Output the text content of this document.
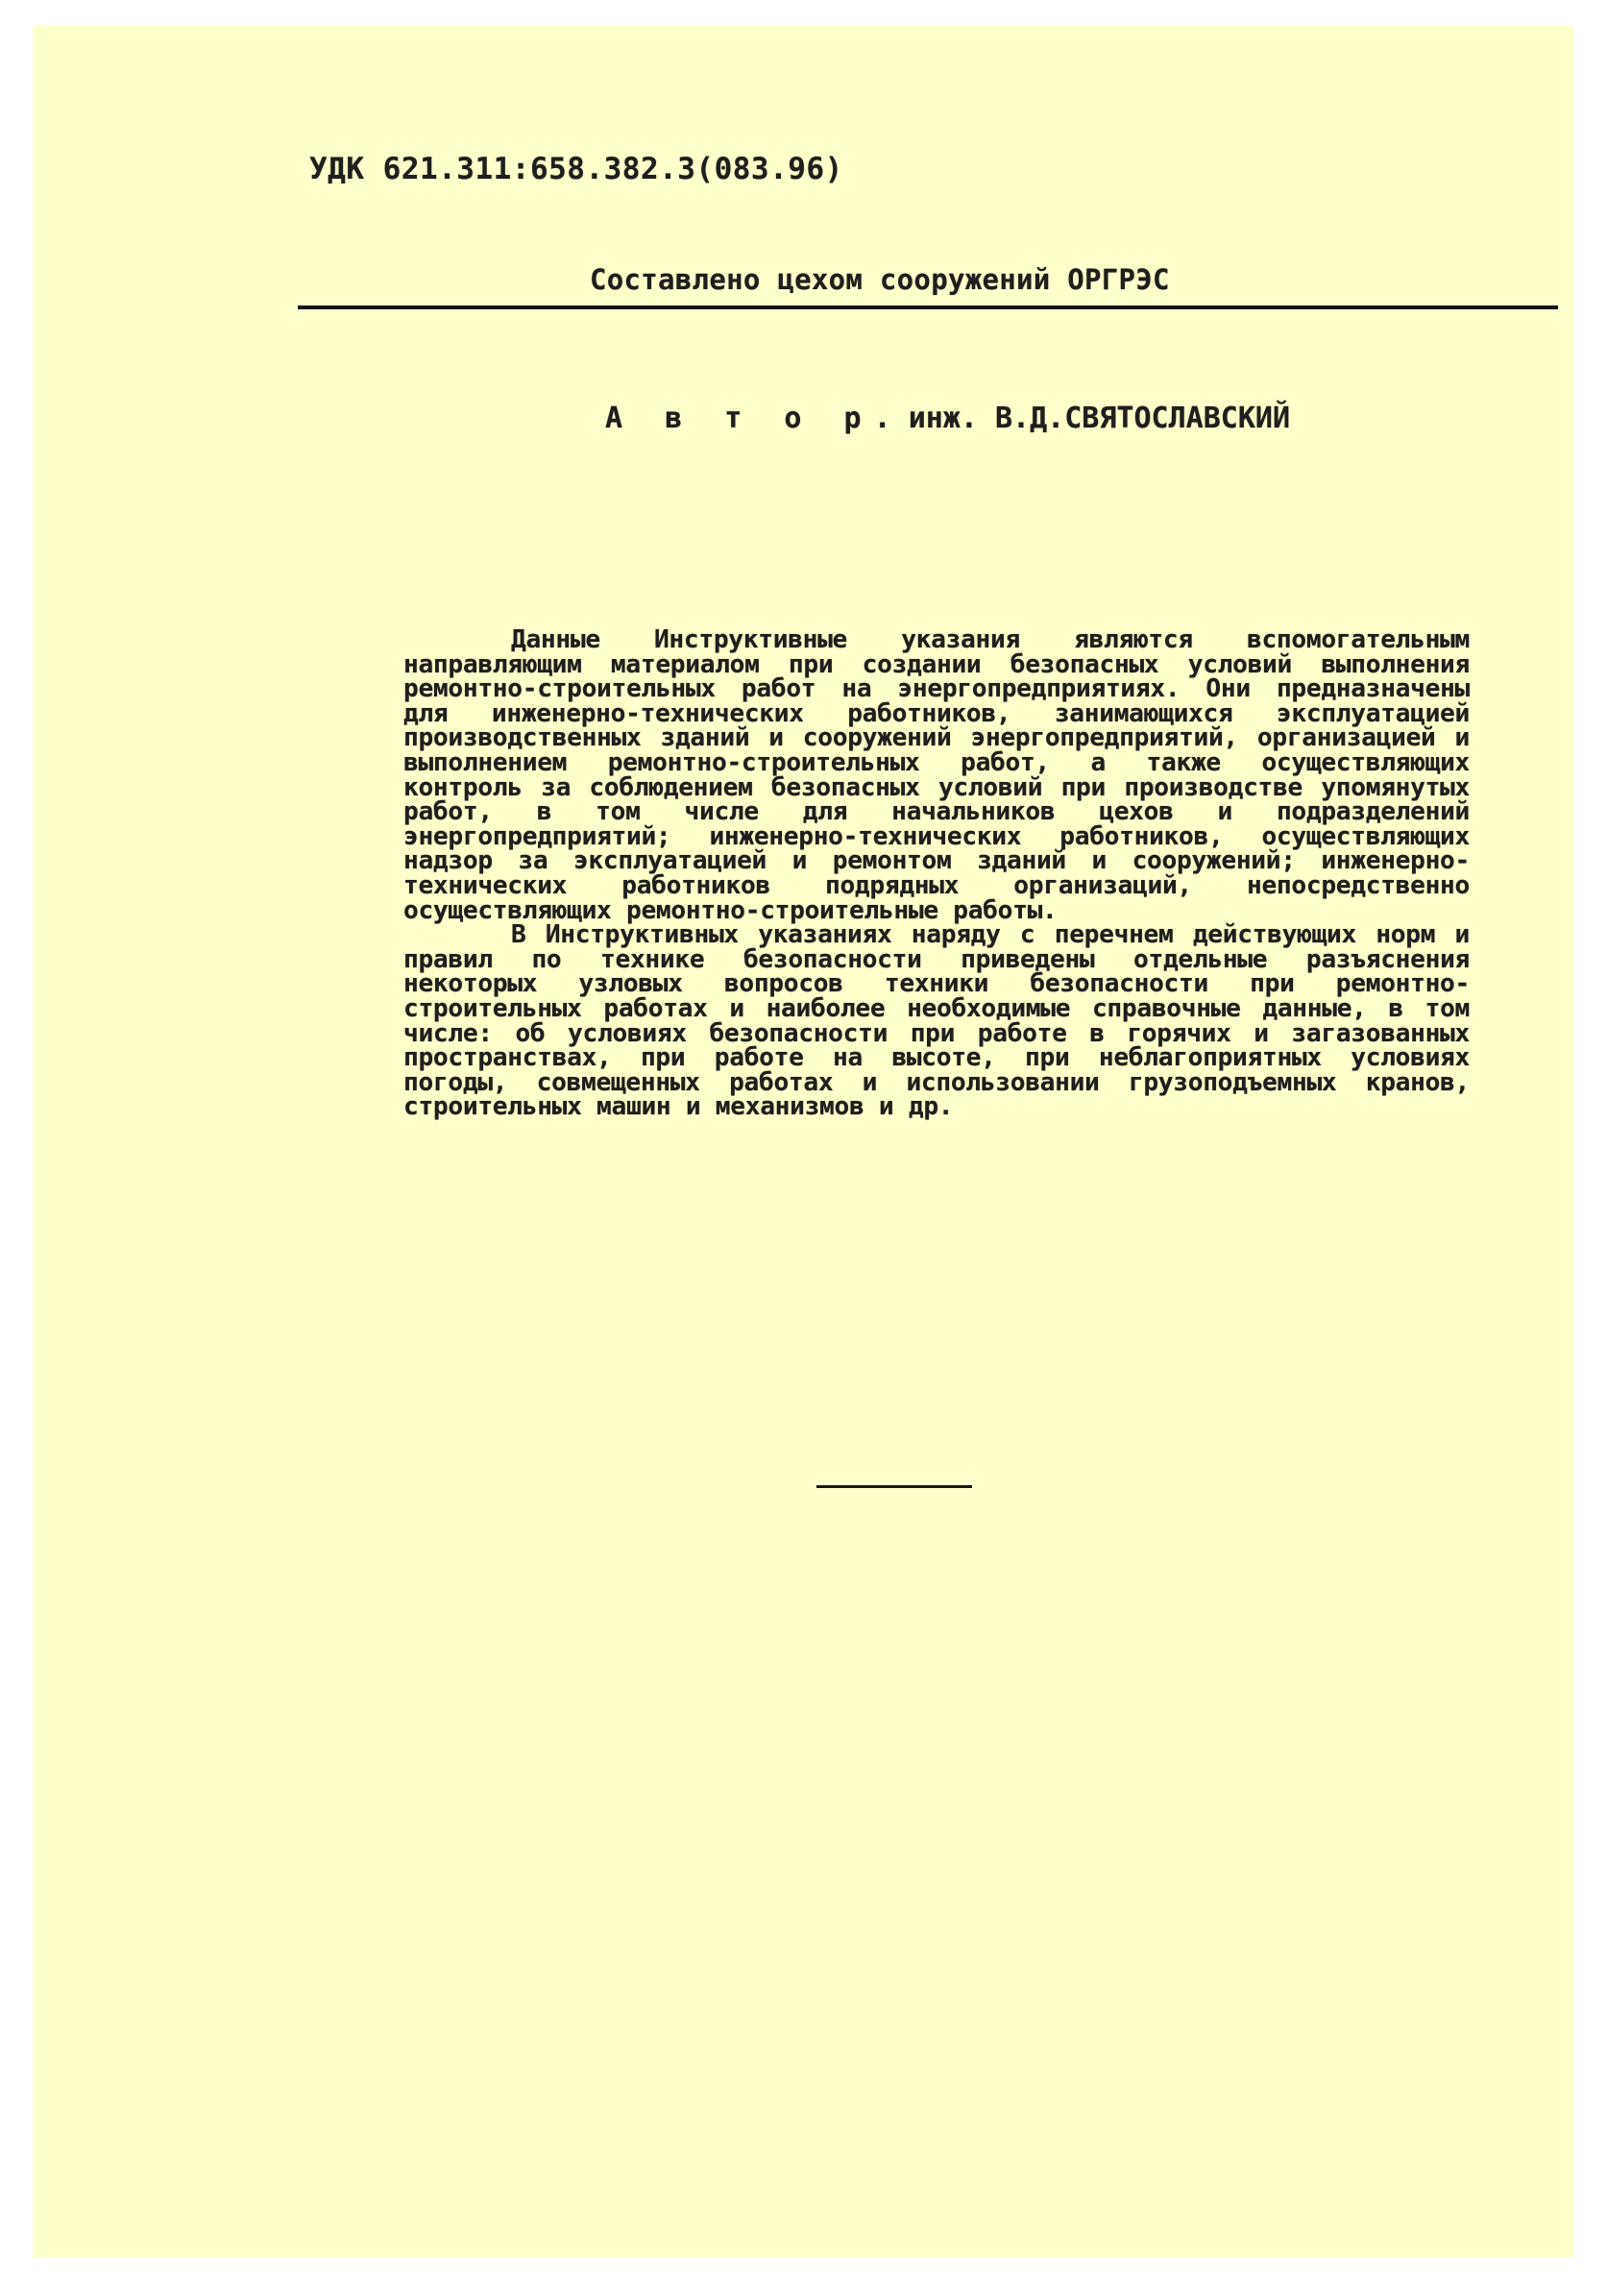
УДК 621.311:658.382.3(083.96)
Составлено цехом сооружений ОРГРЭС
А в т о р. инж. В.Д.СВЯТОСЛАВСКИЙ

Данные Инструктивные указания являются вспомогательным направляющим материалом при создании безопасных условий выполнения ремонтно-строительных работ на энергопредприятиях. Они предназначены для инженерно-технических работников, занимающихся эксплуатацией производственных зданий и сооружений энергопредприятий, организацией и выполнением ремонтно-строительных работ, а также осуществляющих контроль за соблюдением безопасных условий при производстве упомянутых работ, в том числе для начальников цехов и подразделений энергопредприятий; инженерно-технических работников, осуществляющих надзор за эксплуатацией и ремонтом зданий и сооружений; инженерно-технических работников подрядных организаций, непосредственно осуществляющих ремонтно-строительные работы.

В Инструктивных указаниях наряду с перечнем действующих норм и правил по технике безопасности приведены отдельные разъяснения некоторых узловых вопросов техники безопасности при ремонтно-строительных работах и наиболее необходимые справочные данные, в том числе: об условиях безопасности при работе в горячих и загазованных пространствах, при работе на высоте, при неблагоприятных условиях погоды, совмещенных работах и использовании грузоподъемных кранов, строительных машин и механизмов и др.
